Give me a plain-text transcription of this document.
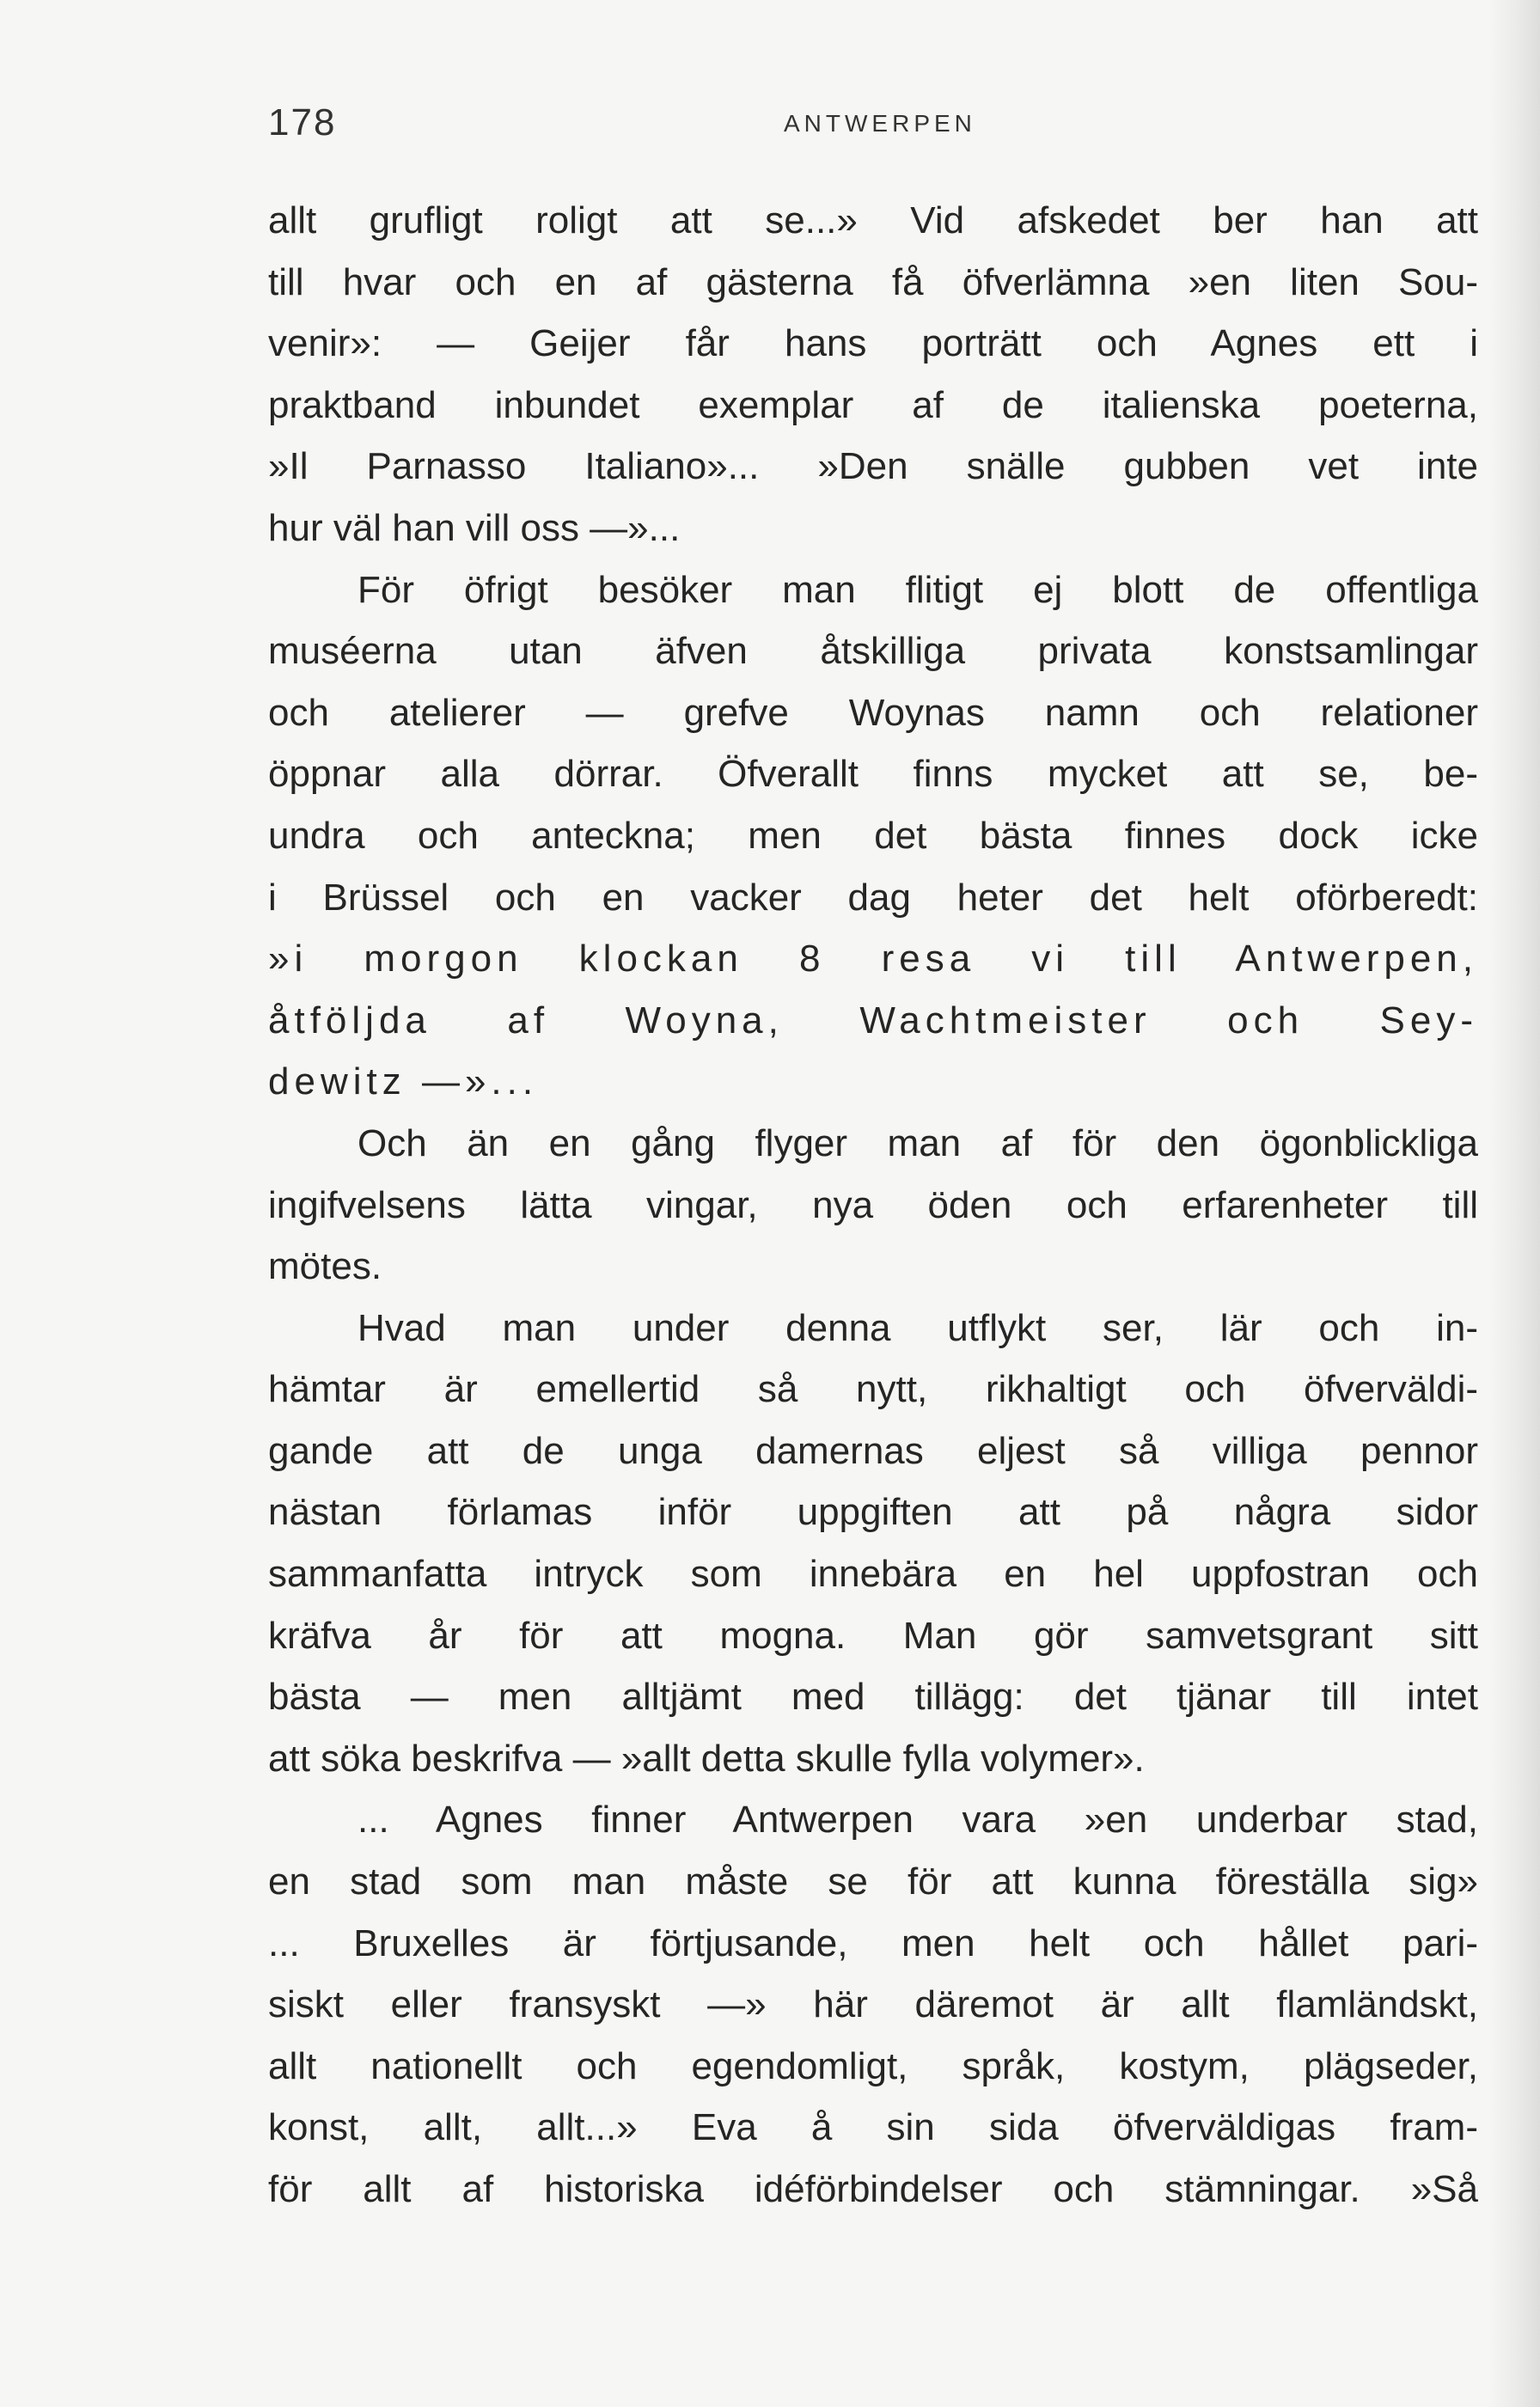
178	ANTWERPEN
allt grufligt roligt att se...» Vid afskedet ber han att
till hvar och en af gästerna få öfverlämna »en liten Sou-
venir»: — Geijer får hans porträtt och Agnes ett i
praktband inbundet exemplar af de italienska poeterna,
»Il Parnasso Italiano»... »Den snälle gubben vet inte
hur väl han vill oss —»...
För öfrigt besöker man flitigt ej blott de offentliga
muséerna utan äfven åtskilliga privata konstsamlingar
och atelierer — grefve Woynas namn och relationer
öppnar alla dörrar. Öfverallt finns mycket att se, be-
undra och anteckna; men det bästa finnes dock icke
i Brüssel och en vacker dag heter det helt oförberedt:
»i morgon klockan 8 resa vi till Antwerpen,
åtföljda af Woyna, Wachtmeister och Sey-
dewitz —»...
Och än en gång flyger man af för den ögonblickliga
ingifvelsens lätta vingar, nya öden och erfarenheter till
mötes.
Hvad man under denna utflykt ser, lär och in-
hämtar är emellertid så nytt, rikhaltigt och öfverväldi-
gande att de unga damernas eljest så villiga pennor
nästan förlamas inför uppgiften att på några sidor
sammanfatta intryck som innebära en hel uppfostran och
kräfva år för att mogna. Man gör samvetsgrant sitt
bästa — men alltjämt med tillägg: det tjänar till intet
att söka beskrifva — »allt detta skulle fylla volymer».
... Agnes finner Antwerpen vara »en underbar stad,
en stad som man måste se för att kunna föreställa sig»
... Bruxelles är förtjusande, men helt och hållet pari-
siskt eller fransyskt —» här däremot är allt flamländskt,
allt nationellt och egendomligt, språk, kostym, plägseder,
konst, allt, allt...» Eva å sin sida öfverväldigas fram-
för allt af historiska idéförbindelser och stämningar. »Så
